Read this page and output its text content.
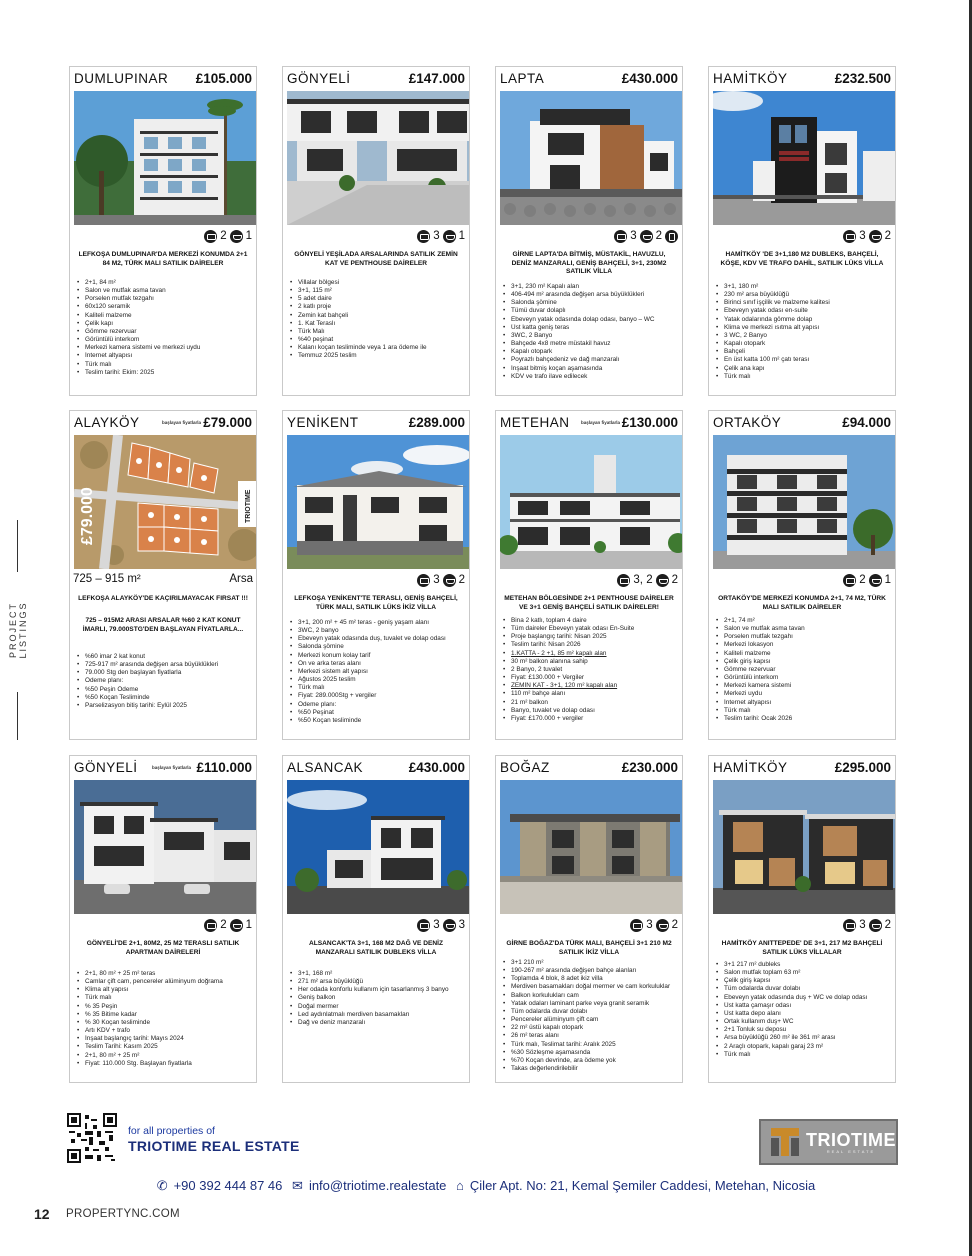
PROJECT LISTINGS
DUMLUPINAR £105.000
2 1
LEFKOŞA DUMLUPINAR'DA MERKEZİ KONUMDA 2+1 84 M2, TÜRK MALI SATILIK DAİRELER
• 2+1, 84 m²
• Salon ve mutfak asma tavan
• Porselen mutfak tezgahı
• 60x120 seramik
• Kaliteli malzeme
• Çelik kapı
• Gömme rezervuar
• Görüntülü interkom
• Merkezi kamera sistemi ve merkezi uydu
• İnternet altyapısı
• Türk malı
• Teslim tarihi: Ekim: 2025
GÖNYELİ	£147.000
3 1
GÖNYELİ YEŞİLADA ARSALARINDA SATILIK ZEMİN KAT VE PENTHOUSE DAİRELER
• Villalar bölgesi
• 3+1, 115 m²
• 5 adet daire
• 2 katlı proje
• Zemin kat bahçeli
• 1. Kat Teraslı
• Türk Malı
• %40 peşinat
• Kalanı koçan tesliminde veya 1 ara ödeme ile
• Temmuz 2025 teslim
LAPTA	£430.000
3 2
GİRNE LAPTA'DA BİTMİŞ, MÜSTAKİL, HAVUZLU, DENİZ MANZARALI, GENİŞ BAHÇELİ, 3+1, 230M2 SATILIK VİLLA
• 3+1, 230 m² Kapalı alan
• 406-494 m² arasında değişen arsa büyüklükleri
• Salonda şömine
• Tümü duvar dolaplı
• Ebeveyn yatak odasında dolap odası, banyo – WC
• Üst katta geniş teras
• 3WC, 2 Banyo
• Bahçede 4x8 metre müstakil havuz
• Kapalı otopark
• Poyrazlı bahçedeniz ve dağ manzaralı
• İnşaat bitmiş koçan aşamasında
• KDV ve trafo ilave edilecek
HAMİTKÖY	£232.500
3 2
HAMİTKÖY 'DE 3+1,180 M2 DUBLEKS, BAHÇELİ, KÖŞE, KDV VE TRAFO DAHİL, SATILIK LÜKS VİLLA
• 3+1, 180 m²
• 230 m² arsa büyüklüğü
• Birinci sınıf işçilik ve malzeme kalitesi
• Ebeveyn yatak odası en-suite
• Yatak odalarında gömme dolap
• Klima ve merkezi ısıtma alt yapısı
• 3 WC, 2 Banyo
• Kapalı otopark
• Bahçeli
• En üst katta 100 m² çatı terası
• Çelik ana kapı
• Türk malı
ALAYKÖY	başlayan fiyatlarla £79.000
TRIOTIME
£79.000
725 – 915 m²	Arsa
LEFKOŞA ALAYKÖY'DE KAÇIRILMAYACAK FIRSAT !!!
725 – 915M2 ARASI ARSALAR %60 2 KAT KONUT İMARLI, 79.000STG'DEN BAŞLAYAN FİYATLARLA...
• %60 imar 2 kat konut
• 725-917 m² arasında değişen arsa büyüklükleri
• 79.000 Stg den başlayan fiyatlarla
• Ödeme planı:
• %50 Peşin Ödeme
• %50 Koçan Tesliminde
• Parselizasyon bitiş tarihi: Eylül 2025
YENİKENT	£289.000
3 2
LEFKOŞA YENİKENT'TE TERASLI, GENİŞ BAHÇELİ, TÜRK MALI, SATILIK LÜKS İKİZ VİLLA
• 3+1, 200 m² + 45 m² teras - geniş yaşam alanı
• 3WC, 2 banyo
• Ebeveyn yatak odasında duş, tuvalet ve dolap odası
• Salonda şömine
• Merkezi konum kolay tarif
• Ön ve arka teras alanı
• Merkezi sistem alt yapısı
• Ağustos 2025 teslim
• Türk malı
• Fiyat: 289.000Stg + vergiler
• Ödeme planı:
• %50 Peşinat
• %50 Koçan tesliminde
METEHAN	başlayan fiyatlarla £130.000
3, 2 2
METEHAN BÖLGESİNDE 2+1 PENTHOUSE DAİRELER VE 3+1 GENİŞ BAHÇELİ SATILIK DAİRELER!
• Bina 2 katlı, toplam 4 daire
• Tüm daireler Ebeveyn yatak odası En-Suite
• Proje başlangıç tarihi: Nisan 2025
• Teslim tarihi: Nisan 2026
• 1.KATTA - 2 +1, 85 m² kapalı alan
• 30 m² balkon alanına sahip
• 2 Banyo, 2 tuvalet
• Fiyat: £130.000 + Vergiler
• ZEMİN KAT - 3+1, 120 m² kapalı alan
• 110 m² bahçe alanı
• 21 m² balkon
• Banyo, tuvalet ve dolap odası
• Fiyat: £170.000 + vergiler
ORTAKÖY	£94.000
2 1
ORTAKÖY'DE MERKEZİ KONUMDA 2+1, 74 M2, TÜRK MALI SATILIK DAİRELER
• 2+1, 74 m²
• Salon ve mutfak asma tavan
• Porselen mutfak tezgahı
• Merkezi lokasyon
• Kaliteli malzeme
• Çelik giriş kapısı
• Gömme rezervuar
• Görüntülü interkom
• Merkezi kamera sistemi
• Merkezi uydu
• İnternet altyapısı
• Türk malı
• Teslim tarihi: Ocak 2026
GÖNYELİ	başlayan fiyatlarla £110.000
2 1
GÖNYELİ'DE 2+1, 80M2, 25 M2 TERASLI SATILIK APARTMAN DAİRELERİ
• 2+1, 80 m² + 25 m² teras
• Camlar çift cam, pencereler alüminyum doğrama
• Klima alt yapısı
• Türk malı
• % 35 Peşin
• % 35 Bitime kadar
• % 30 Koçan tesliminde
• Artı KDV + trafo
• İnşaat başlangıç tarihi: Mayıs 2024
• Teslim Tarihi: Kasım 2025
• 2+1, 80 m² + 25 m²
• Fiyat: 110.000 Stg. Başlayan fiyatlarla
ALSANCAK	£430.000
3 3
ALSANCAK'TA 3+1, 168 M2 DAĞ VE DENİZ MANZARALI SATILIK DUBLEKS VİLLA
• 3+1, 168 m²
• 271 m² arsa büyüklüğü
• Her odada konforlu kullanım için tasarlanmış 3 banyo
• Geniş balkon
• Doğal mermer
• Led aydınlatmalı merdiven basamakları
• Dağ ve deniz manzaralı
BOĞAZ	£230.000
3 2
GİRNE BOĞAZ'DA TÜRK MALI, BAHÇELİ 3+1 210 M2 SATILIK İKİZ VİLLA
• 3+1 210 m²
• 190-267 m² arasında değişen bahçe alanları
• Toplamda 4 blok, 8 adet ikiz villa
• Merdiven basamakları doğal mermer ve cam korkuluklar
• Balkon korkulukları cam
• Yatak odaları laminant parke veya granit seramik
• Tüm odalarda duvar dolabı
• Pencereler alüminyum çift cam
• 22 m² üstü kapalı otopark
• 26 m² teras alanı
• Türk malı, Teslimat tarihi: Aralık 2025
• %30 Sözleşme aşamasında
• %70 Koçan devrinde, ara ödeme yok
• Takas değerlendirilebilir
HAMİTKÖY	£295.000
3 2
HAMİTKÖY ANITTEPEDE' DE 3+1, 217 M2 BAHÇELİ SATILIK LÜKS VİLLALAR
• 3+1 217 m² dubleks
• Salon mutfak toplam 63 m²
• Çelik giriş kapısı
• Tüm odalarda duvar dolabı
• Ebeveyn yatak odasında duş + WC ve dolap odası
• Üst katta çamaşır odası
• Üst katta depo alanı
• Ortak kullanım duş+ WC
• 2+1 Tonluk su deposu
• Arsa büyüklüğü 260 m² ile 361 m² arası
• 2 Araçlı otopark, kapalı garaj 23 m²
• Türk malı
for all properties of
TRIOTIME REAL ESTATE	TRIOTIME
REAL ESTATE
✆ +90 392 444 87 46 ✉ info@triotime.realestate ⌂ Çiler Apt. No: 21, Kemal Şemiler Caddesi, Metehan, Nicosia
12 PROPERTYNC.COM
